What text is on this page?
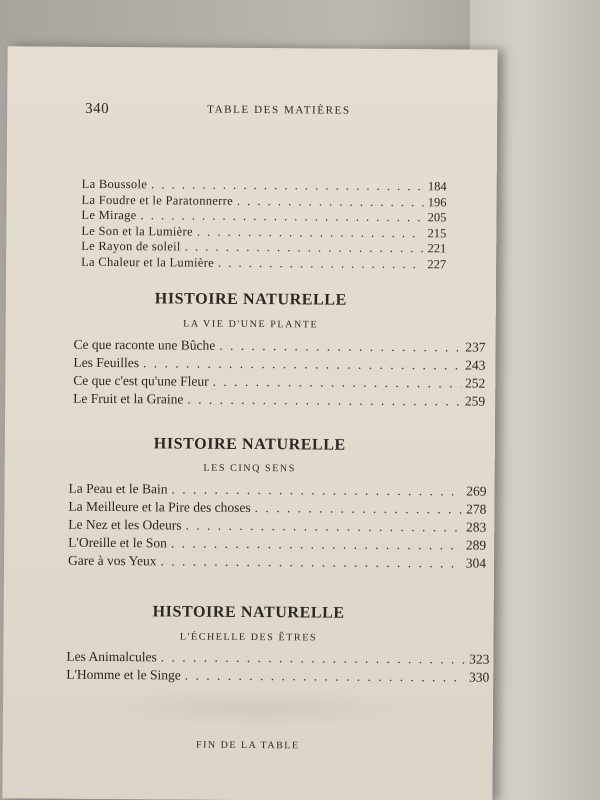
340	TABLE DES MATIÈRES
La Boussole . . .	184
La Foudre et le Paratonnerre . . .	196
Le Mirage . . .	205
Le Son et la Lumière . . .	215
Le Rayon de soleil . . .	221
La Chaleur et la Lumière . . .	227
HISTOIRE NATURELLE
LA VIE D'UNE PLANTE
Ce que raconte une Bûche . . .	237
Les Feuilles . . .	243
Ce que c'est qu'une Fleur . . .	252
Le Fruit et la Graine . . .	259
HISTOIRE NATURELLE
LES CINQ SENS
La Peau et le Bain . . .	269
La Meilleure et la Pire des choses . . .	278
Le Nez et les Odeurs . . .	283
L'Oreille et le Son . . .	289
Gare à vos Yeux . . .	304
HISTOIRE NATURELLE
L'ÉCHELLE DES ÊTRES
Les Animalcules . . .	323
L'Homme et le Singe . . .	330
FIN DE LA TABLE
